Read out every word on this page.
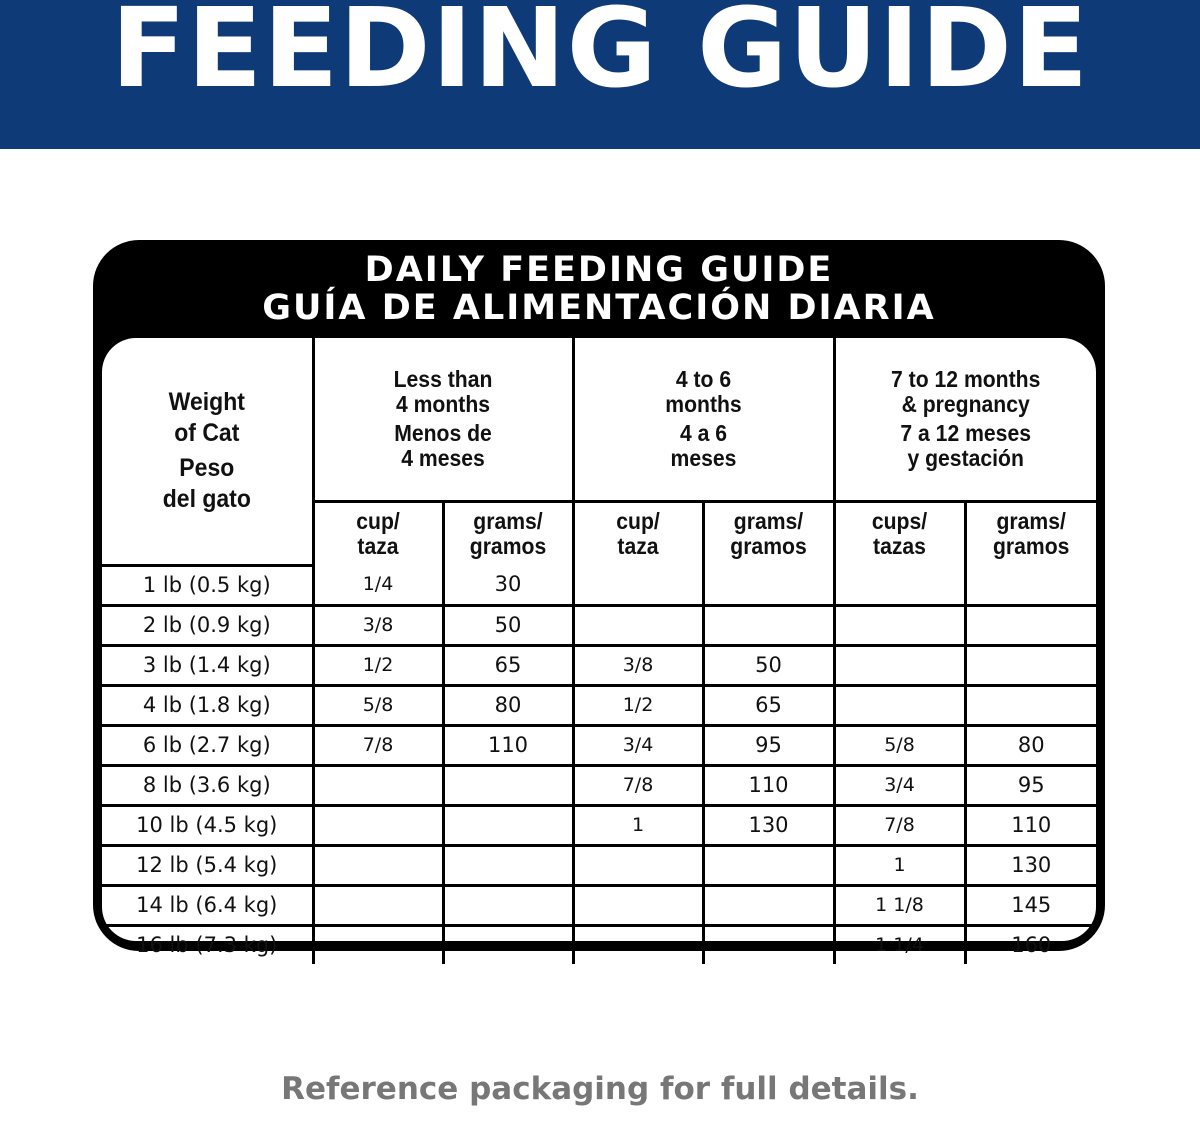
FEEDING GUIDE
DAILY FEEDING GUIDE
GUÍA DE ALIMENTACIÓN DIARIA
Weight
of Cat
Peso
del gato	Less than
4 months
Menos de
4 meses		4 to 6
months
4 a 6
meses		7 to 12 months
& pregnancy
7 a 12 meses
y gestación	

	cup/
taza	grams/
gramos	cup/
taza	grams/
gramos	cups/
tazas	grams/
gramos

1 lb (0.5 kg)	1/4	30				
2 lb (0.9 kg)	3/8	50				
3 lb (1.4 kg)	1/2	65	3/8	50		
4 lb (1.8 kg)	5/8	80	1/2	65		
6 lb (2.7 kg)	7/8	110	3/4	95	5/8	80
8 lb (3.6 kg)			7/8	110	3/4	95
10 lb (4.5 kg)			1	130	7/8	110
12 lb (5.4 kg)					1	130
14 lb (6.4 kg)					1 1/8	145
16 lb (7.3 kg)					1 1/4	160
Reference packaging for full details.
